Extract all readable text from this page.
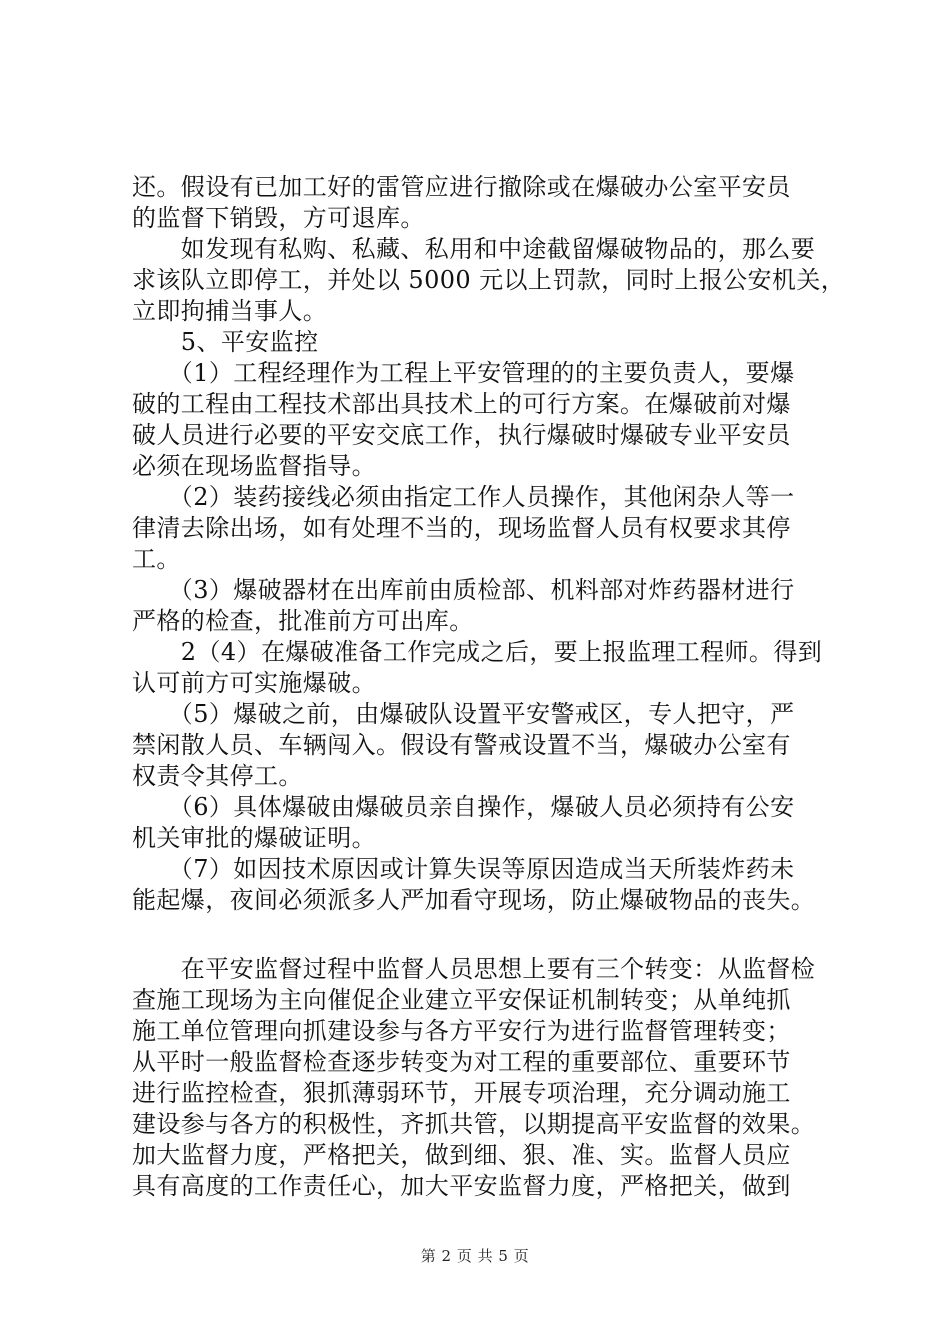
还。假设有已加工好的雷管应进行撤除或在爆破办公室平安员
的监督下销毁，方可退库。
　　如发现有私购、私藏、私用和中途截留爆破物品的，那么要
求该队立即停工，并处以 5000 元以上罚款，同时上报公安机关，
立即拘捕当事人。
　　5、平安监控
　　（1）工程经理作为工程上平安管理的的主要负责人，要爆
破的工程由工程技术部出具技术上的可行方案。在爆破前对爆
破人员进行必要的平安交底工作，执行爆破时爆破专业平安员
必须在现场监督指导。
　　（2）装药接线必须由指定工作人员操作，其他闲杂人等一
律清去除出场，如有处理不当的，现场监督人员有权要求其停
工。
　　（3）爆破器材在出库前由质检部、机料部对炸药器材进行
严格的检查，批准前方可出库。
　　2（4）在爆破准备工作完成之后，要上报监理工程师。得到
认可前方可实施爆破。
　　（5）爆破之前，由爆破队设置平安警戒区，专人把守，严
禁闲散人员、车辆闯入。假设有警戒设置不当，爆破办公室有
权责令其停工。
　　（6）具体爆破由爆破员亲自操作，爆破人员必须持有公安
机关审批的爆破证明。
　　（7）如因技术原因或计算失误等原因造成当天所装炸药未
能起爆，夜间必须派多人严加看守现场，防止爆破物品的丧失。
　　在平安监督过程中监督人员思想上要有三个转变：从监督检
查施工现场为主向催促企业建立平安保证机制转变；从单纯抓
施工单位管理向抓建设参与各方平安行为进行监督管理转变；
从平时一般监督检查逐步转变为对工程的重要部位、重要环节
进行监控检查，狠抓薄弱环节，开展专项治理，充分调动施工
建设参与各方的积极性，齐抓共管，以期提高平安监督的效果。
加大监督力度，严格把关，做到细、狠、准、实。监督人员应
具有高度的工作责任心，加大平安监督力度，严格把关，做到
第 2 页 共 5 页
